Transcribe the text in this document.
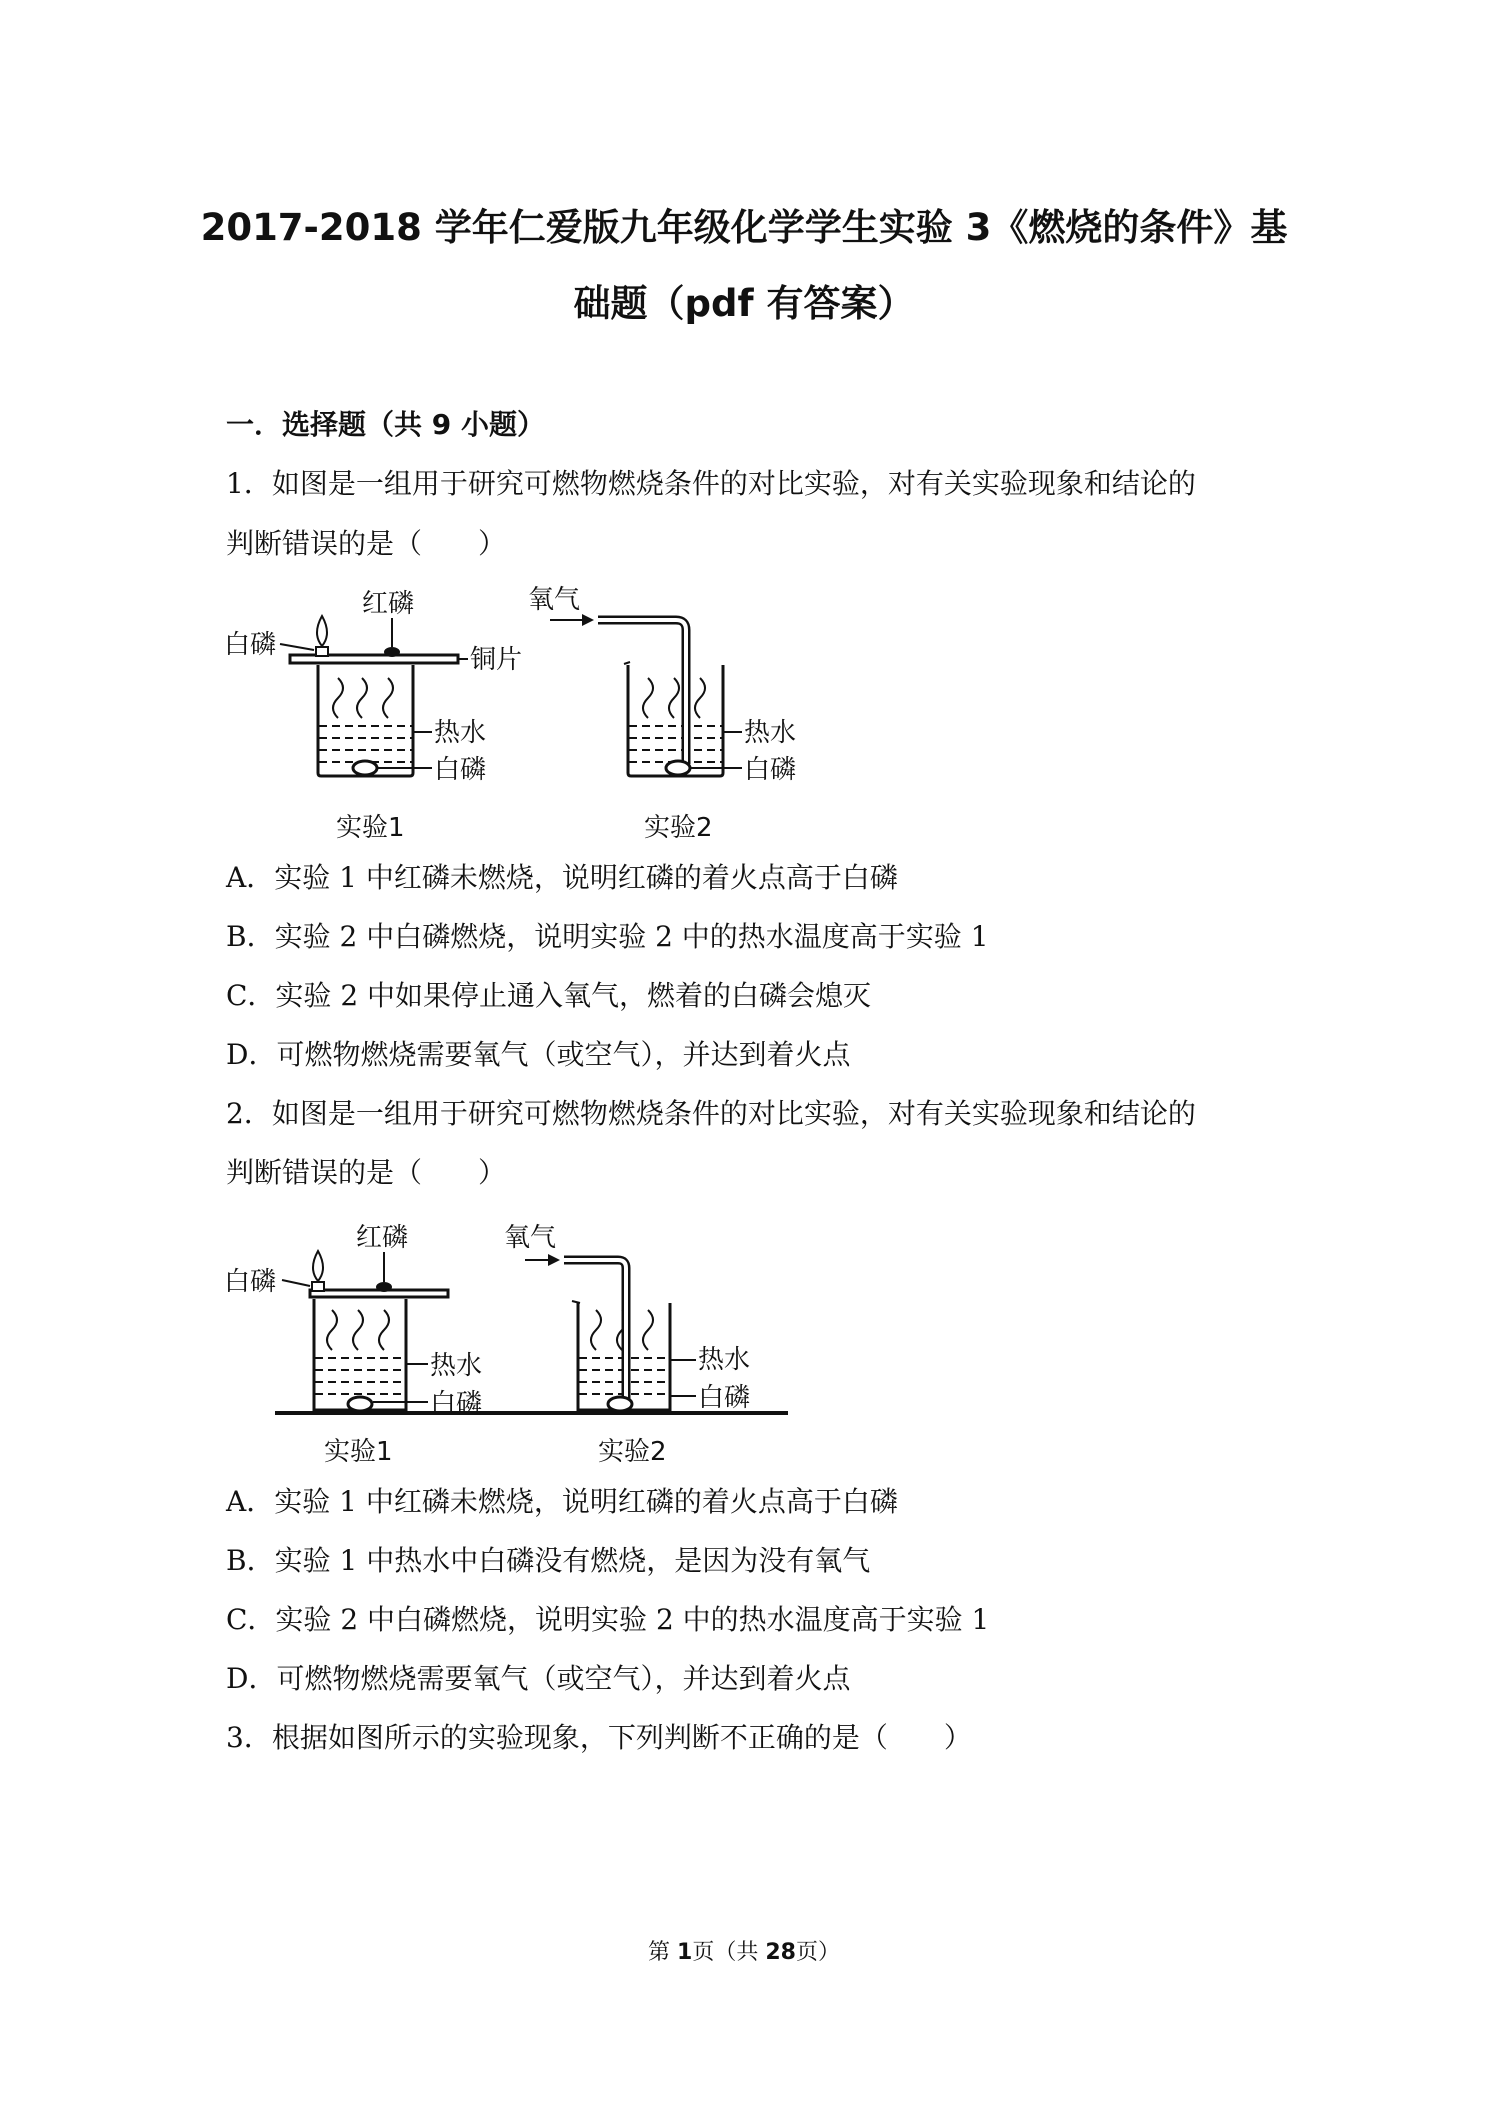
2017-2018 学年仁爱版九年级化学学生实验 3《燃烧的条件》基
础题（pdf 有答案）
一．选择题（共 9 小题）
1．如图是一组用于研究可燃物燃烧条件的对比实验，对有关实验现象和结论的
判断错误的是（　　）
白磷
红磷
铜片
热水
白磷
实验1
氧气
热水
白磷
实验2
A．实验 1 中红磷未燃烧，说明红磷的着火点高于白磷
B．实验 2 中白磷燃烧，说明实验 2 中的热水温度高于实验 1
C．实验 2 中如果停止通入氧气，燃着的白磷会熄灭
D．可燃物燃烧需要氧气（或空气），并达到着火点
2．如图是一组用于研究可燃物燃烧条件的对比实验，对有关实验现象和结论的
判断错误的是（　　）
白磷
红磷
热水
白磷
实验1
氧气
热水
白磷
实验2
A．实验 1 中红磷未燃烧，说明红磷的着火点高于白磷
B．实验 1 中热水中白磷没有燃烧，是因为没有氧气
C．实验 2 中白磷燃烧，说明实验 2 中的热水温度高于实验 1
D．可燃物燃烧需要氧气（或空气），并达到着火点
3．根据如图所示的实验现象，下列判断不正确的是（　　）
第 1页（共 28页）
